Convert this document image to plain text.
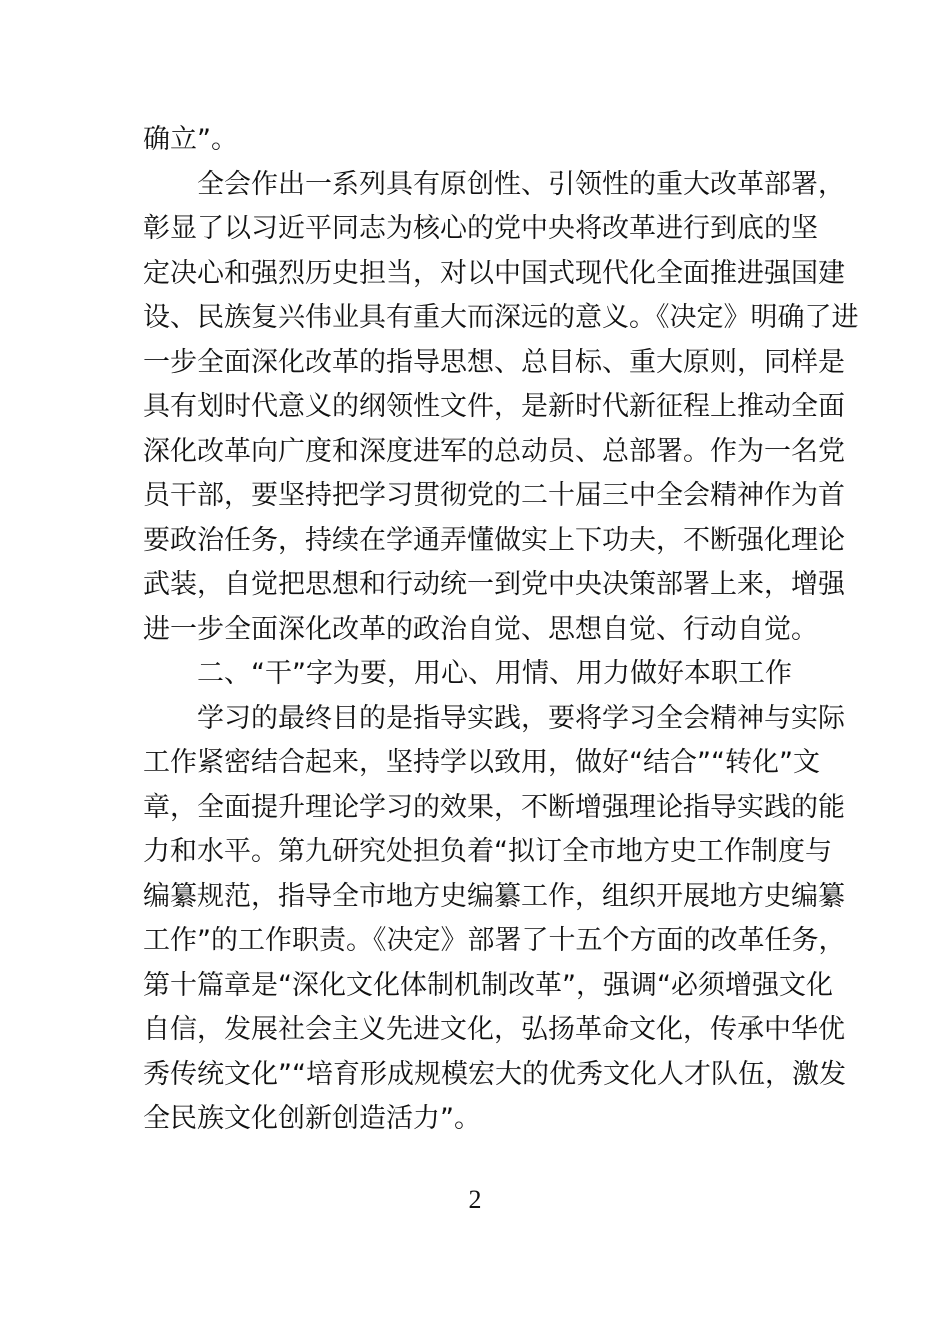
确立”。
全会作出一系列具有原创性、引领性的重大改革部署，
彰显了以习近平同志为核心的党中央将改革进行到底的坚
定决心和强烈历史担当，对以中国式现代化全面推进强国建
设、民族复兴伟业具有重大而深远的意义。《决定》明确了进
一步全面深化改革的指导思想、总目标、重大原则，同样是
具有划时代意义的纲领性文件，是新时代新征程上推动全面
深化改革向广度和深度进军的总动员、总部署。作为一名党
员干部，要坚持把学习贯彻党的二十届三中全会精神作为首
要政治任务，持续在学通弄懂做实上下功夫，不断强化理论
武装，自觉把思想和行动统一到党中央决策部署上来，增强
进一步全面深化改革的政治自觉、思想自觉、行动自觉。
二、“干”字为要，用心、用情、用力做好本职工作
学习的最终目的是指导实践，要将学习全会精神与实际
工作紧密结合起来，坚持学以致用，做好“结合”“转化”文
章，全面提升理论学习的效果，不断增强理论指导实践的能
力和水平。第九研究处担负着“拟订全市地方史工作制度与
编纂规范，指导全市地方史编纂工作，组织开展地方史编纂
工作”的工作职责。《决定》部署了十五个方面的改革任务，
第十篇章是“深化文化体制机制改革”，强调“必须增强文化
自信，发展社会主义先进文化，弘扬革命文化，传承中华优
秀传统文化”“培育形成规模宏大的优秀文化人才队伍，激发
全民族文化创新创造活力”。
2
